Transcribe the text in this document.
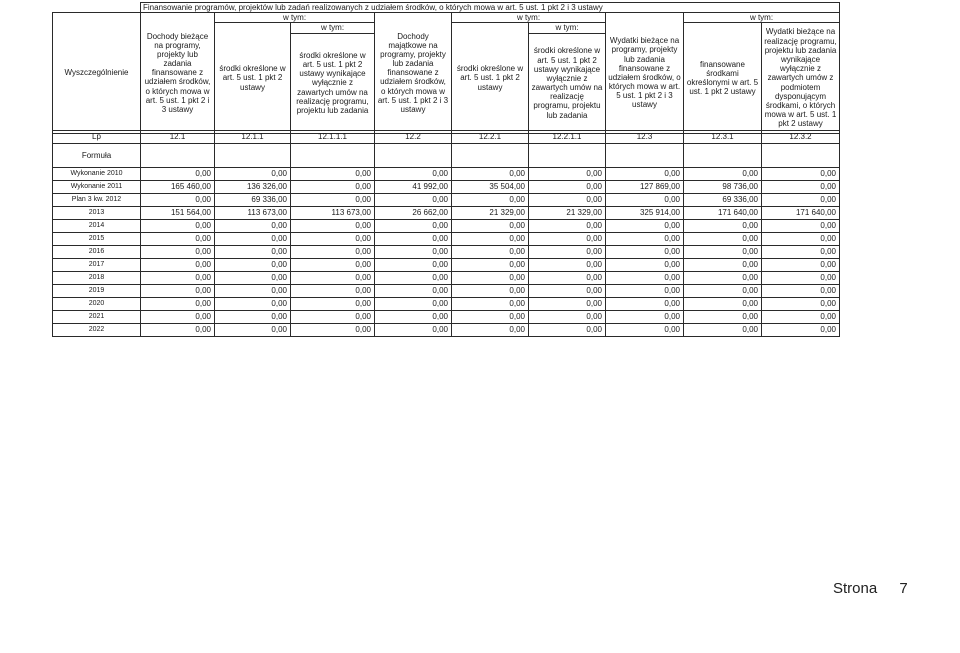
	Finansowanie programów, projektów lub zadań realizowanych z udziałem środków, o których mowa w art. 5 ust. 1 pkt 2 i 3 ustawy								
Wyszczególnienie	Dochody bieżące na programy, projekty lub zadania finansowane z udziałem środków, o których mowa w art. 5 ust. 1 pkt 2 i 3 ustawy	w tym:		Dochody majątkowe na programy, projekty lub zadania finansowane z udziałem środków, o których mowa w art. 5 ust. 1 pkt 2 i 3 ustawy	w tym:		Wydatki bieżące na programy, projekty lub zadania finansowane z udziałem środków, o których mowa w art. 5 ust. 1 pkt 2 i 3 ustawy	w tym:	
		środki określone w art. 5 ust. 1 pkt 2 ustawy	w tym:		środki określone w art. 5 ust. 1 pkt 2 ustawy	w tym:		finansowane środkami określonymi w art. 5 ust. 1 pkt 2 ustawy	Wydatki bieżące na realizację programu, projektu lub zadania wynikające wyłącznie z zawartych umów z podmiotem dysponującym środkami, o których mowa w art. 5 ust. 1 pkt 2 ustawy
			środki określone w art. 5 ust. 1 pkt 2 ustawy wynikające wyłącznie z zawartych umów na realizację programu, projektu lub zadania			środki określone w art. 5 ust. 1 pkt 2 ustawy wynikające wyłącznie z zawartych umów na realizację programu, projektu lub zadania			
Lp	12.1	12.1.1	12.1.1.1	12.2	12.2.1	12.2.1.1	12.3	12.3.1	12.3.2
Formuła									
Wykonanie 2010	0,00	0,00	0,00	0,00	0,00	0,00	0,00	0,00	0,00
Wykonanie 2011	165 460,00	136 326,00	0,00	41 992,00	35 504,00	0,00	127 869,00	98 736,00	0,00
Plan 3 kw. 2012	0,00	69 336,00	0,00	0,00	0,00	0,00	0,00	69 336,00	0,00
2013	151 564,00	113 673,00	113 673,00	26 662,00	21 329,00	21 329,00	325 914,00	171 640,00	171 640,00
2014	0,00	0,00	0,00	0,00	0,00	0,00	0,00	0,00	0,00
2015	0,00	0,00	0,00	0,00	0,00	0,00	0,00	0,00	0,00
2016	0,00	0,00	0,00	0,00	0,00	0,00	0,00	0,00	0,00
2017	0,00	0,00	0,00	0,00	0,00	0,00	0,00	0,00	0,00
2018	0,00	0,00	0,00	0,00	0,00	0,00	0,00	0,00	0,00
2019	0,00	0,00	0,00	0,00	0,00	0,00	0,00	0,00	0,00
2020	0,00	0,00	0,00	0,00	0,00	0,00	0,00	0,00	0,00
2021	0,00	0,00	0,00	0,00	0,00	0,00	0,00	0,00	0,00
2022	0,00	0,00	0,00	0,00	0,00	0,00	0,00	0,00	0,00
Strona 7
